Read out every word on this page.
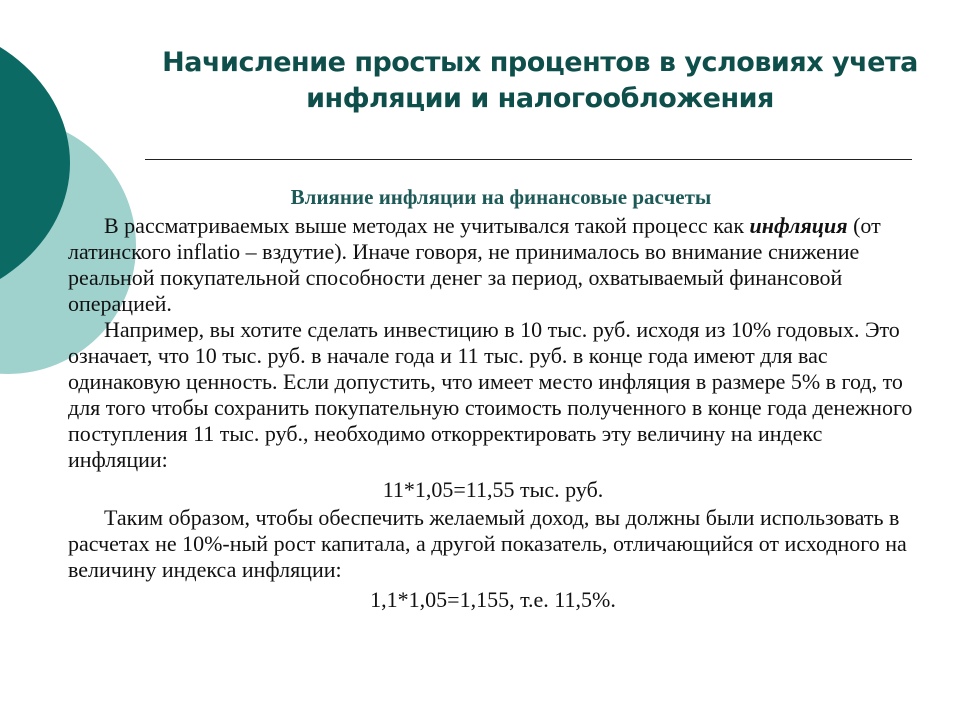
Начисление простых процентов в условиях учета инфляции и налогообложения
Влияние инфляции на финансовые расчеты

В рассматриваемых выше методах не учитывался такой процесс как инфляция (от латинского inflatio – вздутие). Иначе говоря, не принималось во внимание снижение реальной покупательной способности денег за период, охватываемый финансовой операцией.

Например, вы хотите сделать инвестицию в 10 тыс. руб. исходя из 10% годовых. Это означает, что 10 тыс. руб. в начале года и 11 тыс. руб. в конце года имеют для вас одинаковую ценность. Если допустить, что имеет место инфляция в размере 5% в год, то для того чтобы сохранить покупательную стоимость полученного в конце года денежного поступления 11 тыс. руб., необходимо откорректировать эту величину на индекс инфляции:

11*1,05=11,55 тыс. руб.

Таким образом, чтобы обеспечить желаемый доход, вы должны были использовать в расчетах не 10%-ный рост капитала, а другой показатель, отличающийся от исходного на величину индекса инфляции:

1,1*1,05=1,155, т.е. 11,5%.
